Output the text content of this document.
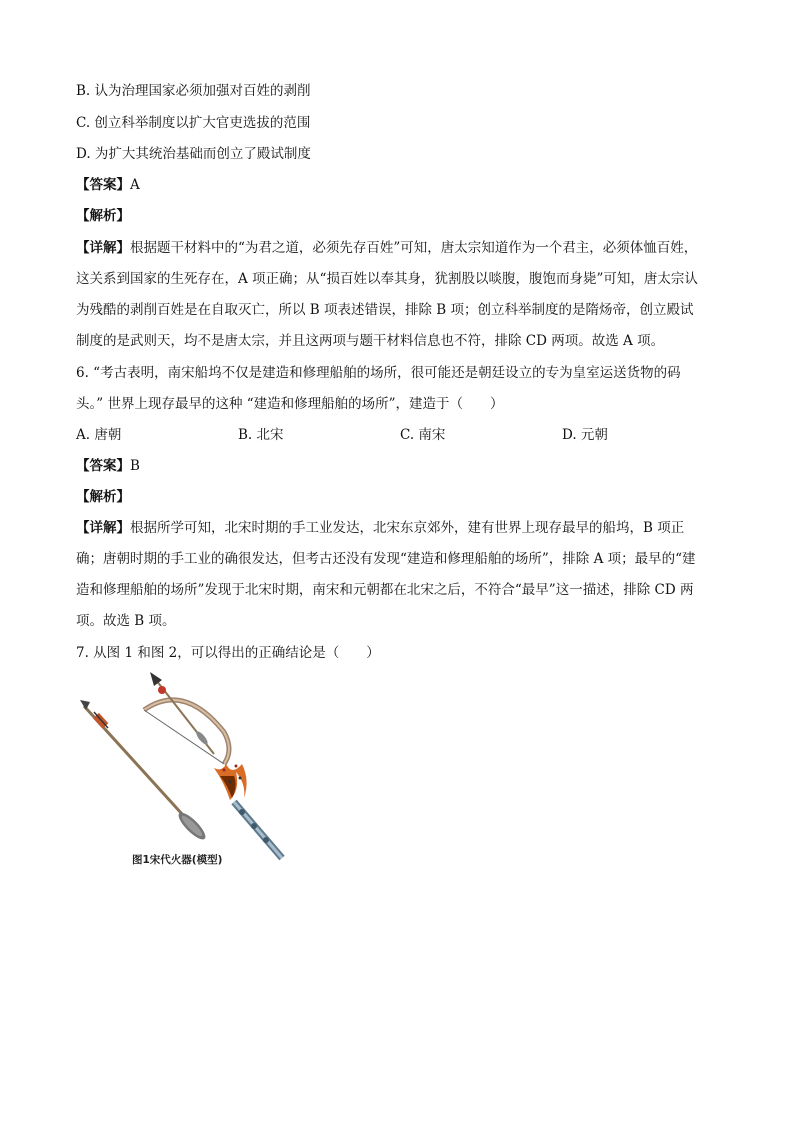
B. 认为治理国家必须加强对百姓的剥削
C. 创立科举制度以扩大官吏选拔的范围
D. 为扩大其统治基础而创立了殿试制度
【答案】A
【解析】
【详解】根据题干材料中的“为君之道，必须先存百姓”可知，唐太宗知道作为一个君主，必须体恤百姓，
这关系到国家的生死存在，A 项正确；从“损百姓以奉其身，犹割股以啖腹，腹饱而身毙”可知，唐太宗认
为残酷的剥削百姓是在自取灭亡，所以 B 项表述错误，排除 B 项；创立科举制度的是隋炀帝，创立殿试
制度的是武则天，均不是唐太宗，并且这两项与题干材料信息也不符，排除 CD 两项。故选 A 项。
6. “考古表明，南宋船坞不仅是建造和修理船舶的场所，很可能还是朝廷设立的专为皇室运送货物的码
头。” 世界上现存最早的这种 “建造和修理船舶的场所”，建造于（　　）
A. 唐朝	B. 北宋	C. 南宋	D. 元朝
【答案】B
【解析】
【详解】根据所学可知，北宋时期的手工业发达，北宋东京郊外，建有世界上现存最早的船坞，B 项正
确；唐朝时期的手工业的确很发达，但考古还没有发现“建造和修理船舶的场所”，排除 A 项；最早的“建
造和修理船舶的场所”发现于北宋时期，南宋和元朝都在北宋之后，不符合“最早”这一描述，排除 CD 两
项。故选 B 项。
7. 从图 1 和图 2，可以得出的正确结论是（　　）
图1宋代火器(模型)
